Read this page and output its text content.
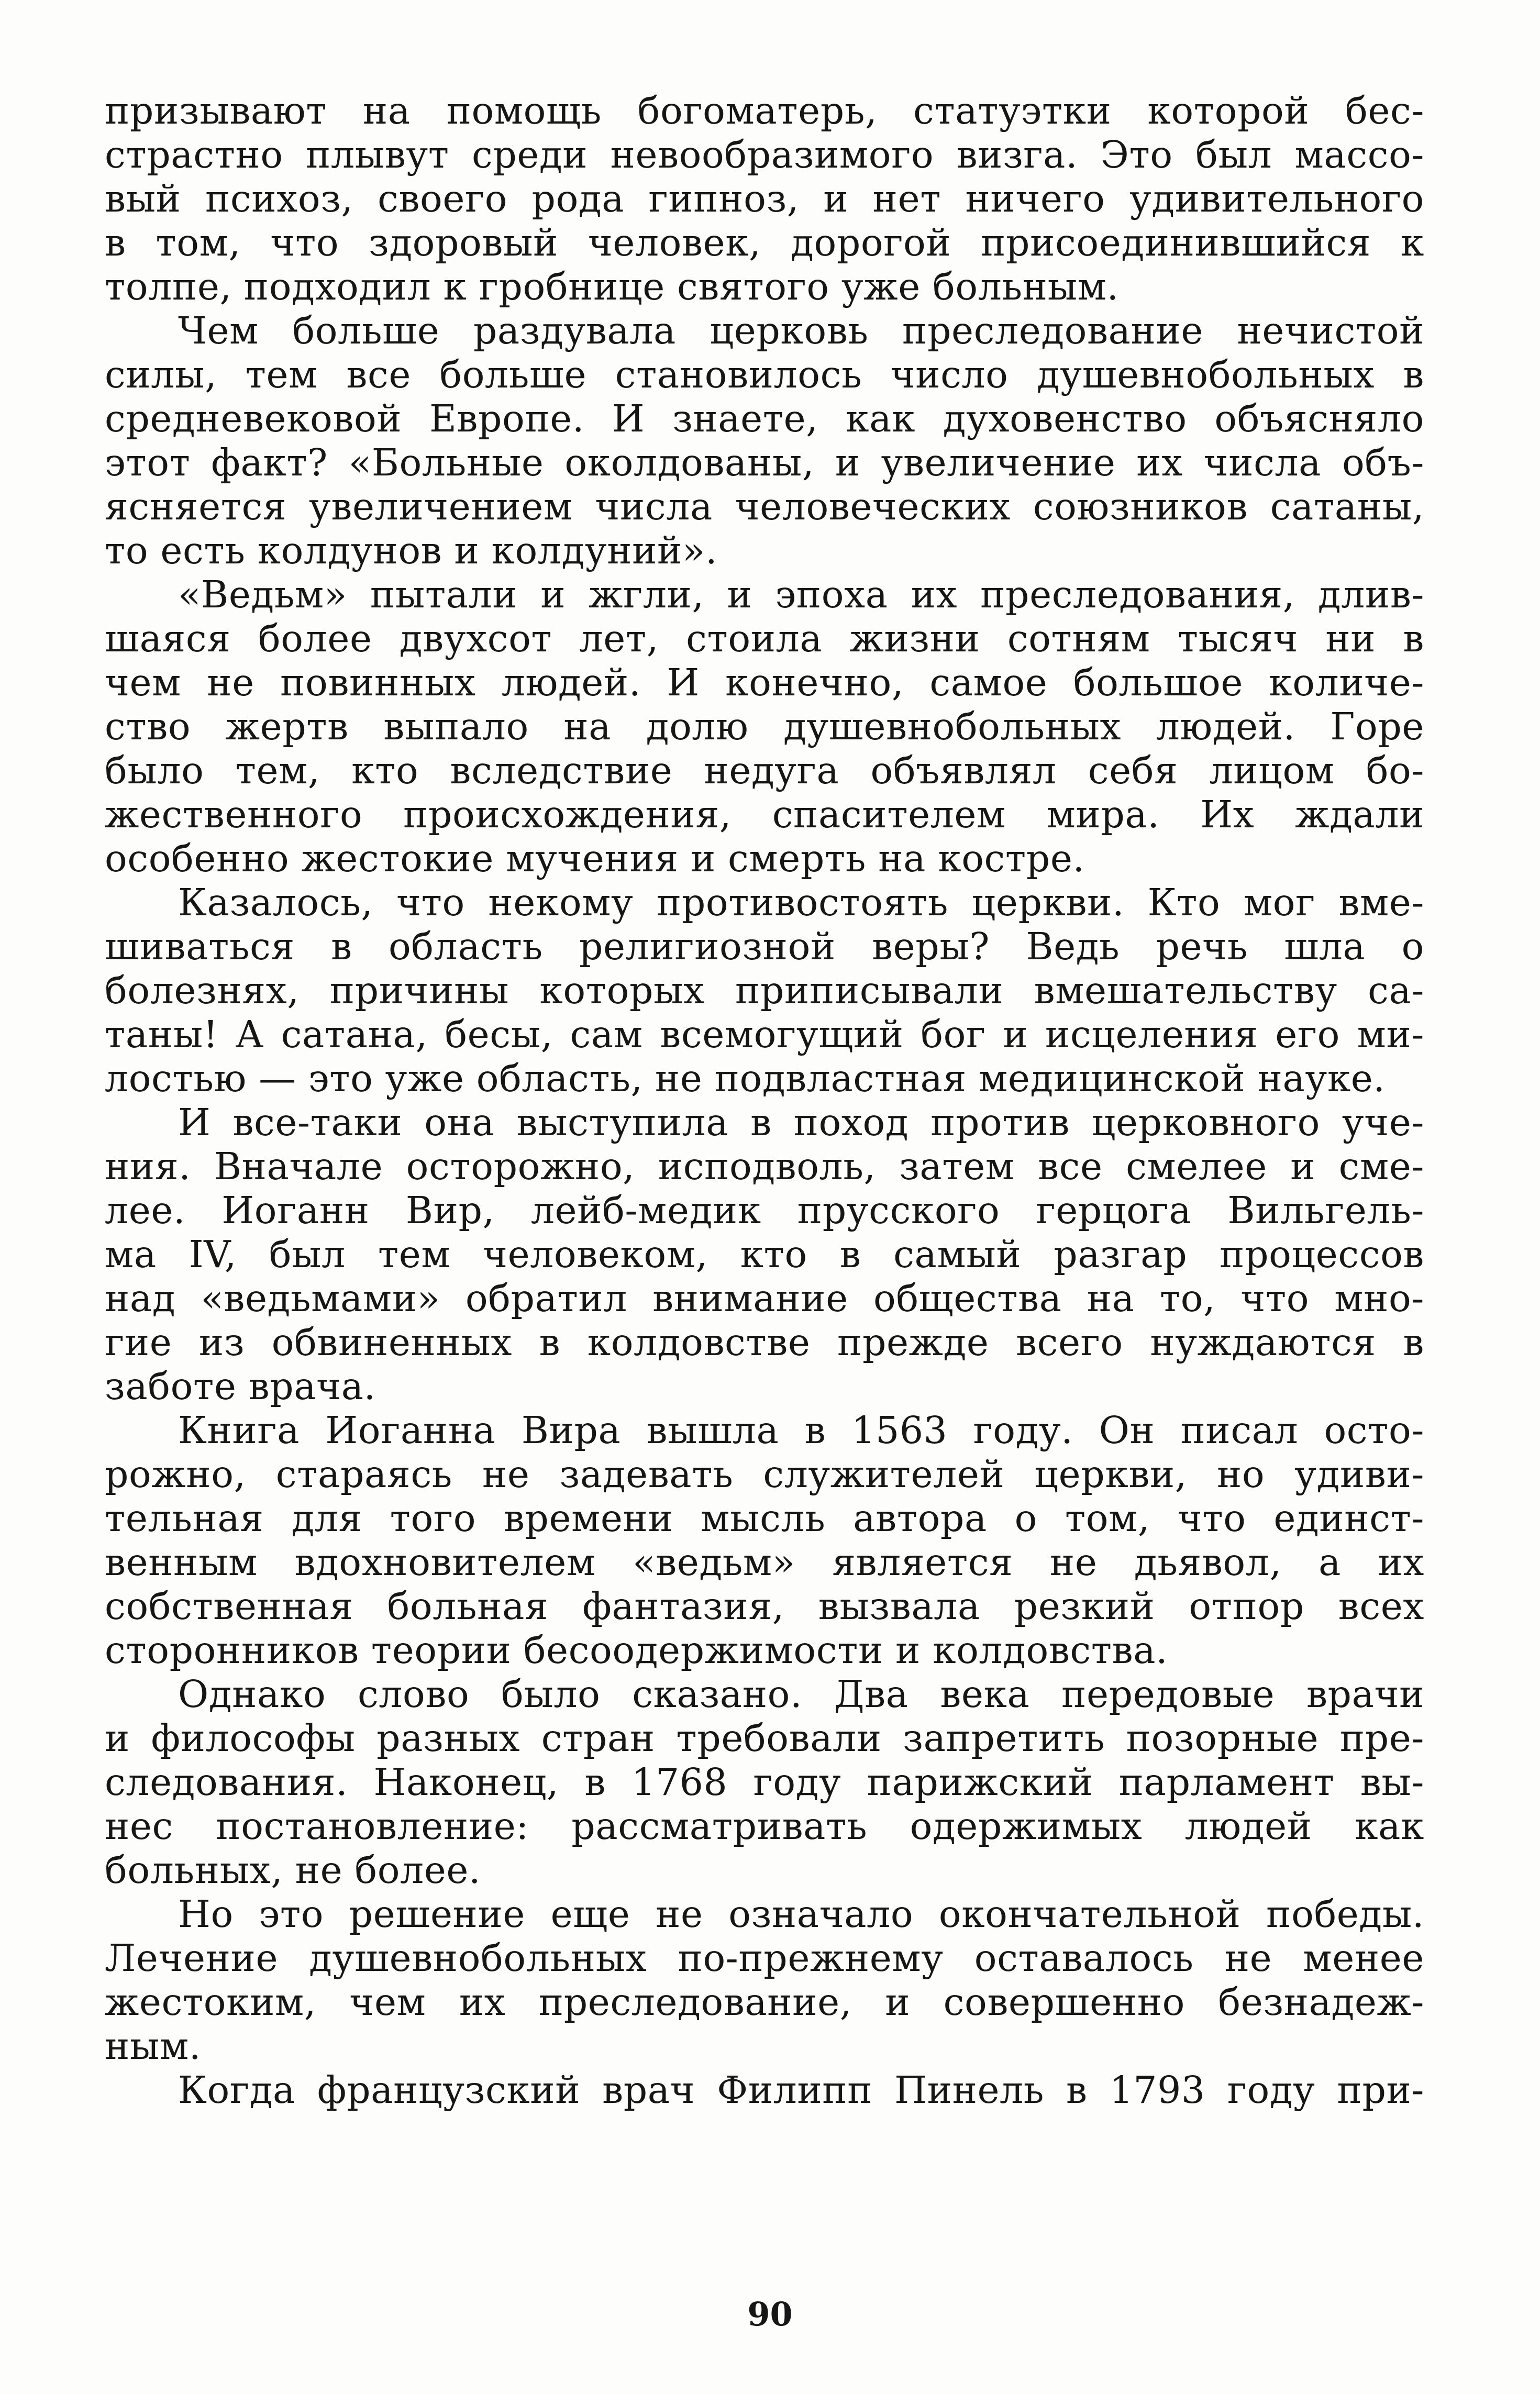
призывают на помощь богоматерь, статуэтки которой бес-
страстно плывут среди невообразимого визга. Это был массо-
вый психоз, своего рода гипноз, и нет ничего удивительного
в том, что здоровый человек, дорогой присоединившийся к
толпе, подходил к гробнице святого уже больным.
Чем больше раздувала церковь преследование нечистой
силы, тем все больше становилось число душевнобольных в
средневековой Европе. И знаете, как духовенство объясняло
этот факт? «Больные околдованы, и увеличение их числа объ-
ясняется увеличением числа человеческих союзников сатаны,
то есть колдунов и колдуний».
«Ведьм» пытали и жгли, и эпоха их преследования, длив-
шаяся более двухсот лет, стоила жизни сотням тысяч ни в
чем не повинных людей. И конечно, самое большое количе-
ство жертв выпало на долю душевнобольных людей. Горе
было тем, кто вследствие недуга объявлял себя лицом бо-
жественного происхождения, спасителем мира. Их ждали
особенно жестокие мучения и смерть на костре.
Казалось, что некому противостоять церкви. Кто мог вме-
шиваться в область религиозной веры? Ведь речь шла о
болезнях, причины которых приписывали вмешательству са-
таны! А сатана, бесы, сам всемогущий бог и исцеления его ми-
лостью — это уже область, не подвластная медицинской науке.
И все-таки она выступила в поход против церковного уче-
ния. Вначале осторожно, исподволь, затем все смелее и сме-
лее. Иоганн Вир, лейб-медик прусского герцога Вильгель-
ма IV, был тем человеком, кто в самый разгар процессов
над «ведьмами» обратил внимание общества на то, что мно-
гие из обвиненных в колдовстве прежде всего нуждаются в
заботе врача.
Книга Иоганна Вира вышла в 1563 году. Он писал осто-
рожно, стараясь не задевать служителей церкви, но удиви-
тельная для того времени мысль автора о том, что единст-
венным вдохновителем «ведьм» является не дьявол, а их
собственная больная фантазия, вызвала резкий отпор всех
сторонников теории бесоодержимости и колдовства.
Однако слово было сказано. Два века передовые врачи
и философы разных стран требовали запретить позорные пре-
следования. Наконец, в 1768 году парижский парламент вы-
нес постановление: рассматривать одержимых людей как
больных, не более.
Но это решение еще не означало окончательной победы.
Лечение душевнобольных по-прежнему оставалось не менее
жестоким, чем их преследование, и совершенно безнадеж-
ным.
Когда французский врач Филипп Пинель в 1793 году при-
90
